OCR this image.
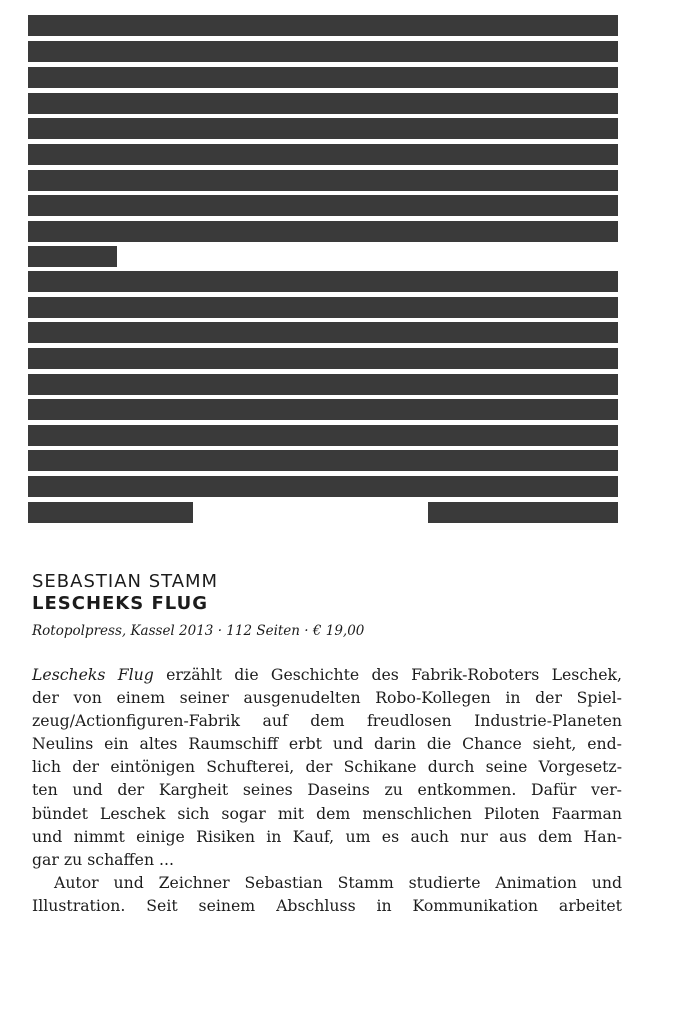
SEBASTIAN STAMM

LESCHEKS FLUG

Rotopolpress, Kassel 2013 · 112 Seiten · € 19,00

Lescheks Flug erzählt die Geschichte des Fabrik-Roboters Leschek,
der von einem seiner ausgenudelten Robo-Kollegen in der Spiel-
zeug/Actionfiguren-Fabrik auf dem freudlosen Industrie-Planeten
Neulins ein altes Raumschiff erbt und darin die Chance sieht, end-
lich der eintönigen Schufterei, der Schikane durch seine Vorgesetz-
ten und der Kargheit seines Daseins zu entkommen. Dafür ver-
bündet Leschek sich sogar mit dem menschlichen Piloten Faarman
und nimmt einige Risiken in Kauf, um es auch nur aus dem Han-
gar zu schaffen ...

Autor und Zeichner Sebastian Stamm studierte Animation und
Illustration. Seit seinem Abschluss in Kommunikation arbeitet
